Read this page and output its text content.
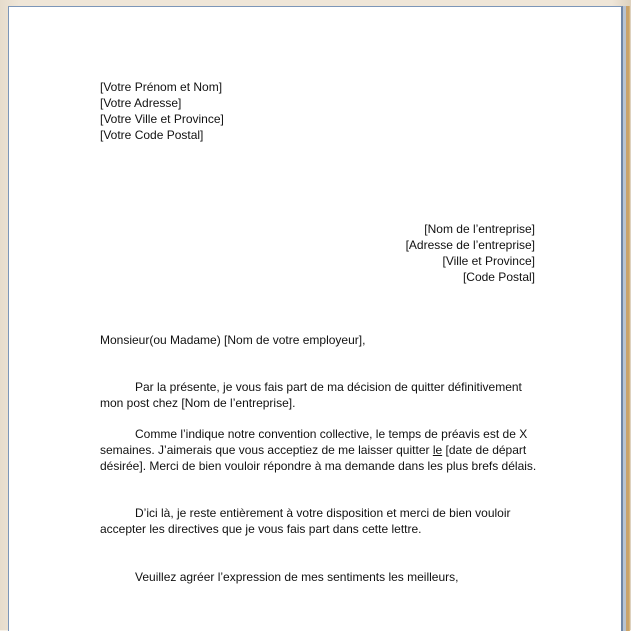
[Votre Prénom et Nom]
[Votre Adresse]
[Votre Ville et Province]
[Votre Code Postal]
[Nom de l’entreprise]
[Adresse de l’entreprise]
[Ville et Province]
[Code Postal]

Monsieur(ou Madame) [Nom de votre employeur],

Par la présente, je vous fais part de ma décision de quitter définitivement mon post chez [Nom de l’entreprise].

Comme l’indique notre convention collective, le temps de préavis est de X semaines. J’aimerais que vous acceptiez de me laisser quitter le [date de départ désirée]. Merci de bien vouloir répondre à ma demande dans les plus brefs délais.

D’ici là, je reste entièrement à votre disposition et merci de bien vouloir accepter les directives que je vous fais part dans cette lettre.

Veuillez agréer l’expression de mes sentiments les meilleurs,
